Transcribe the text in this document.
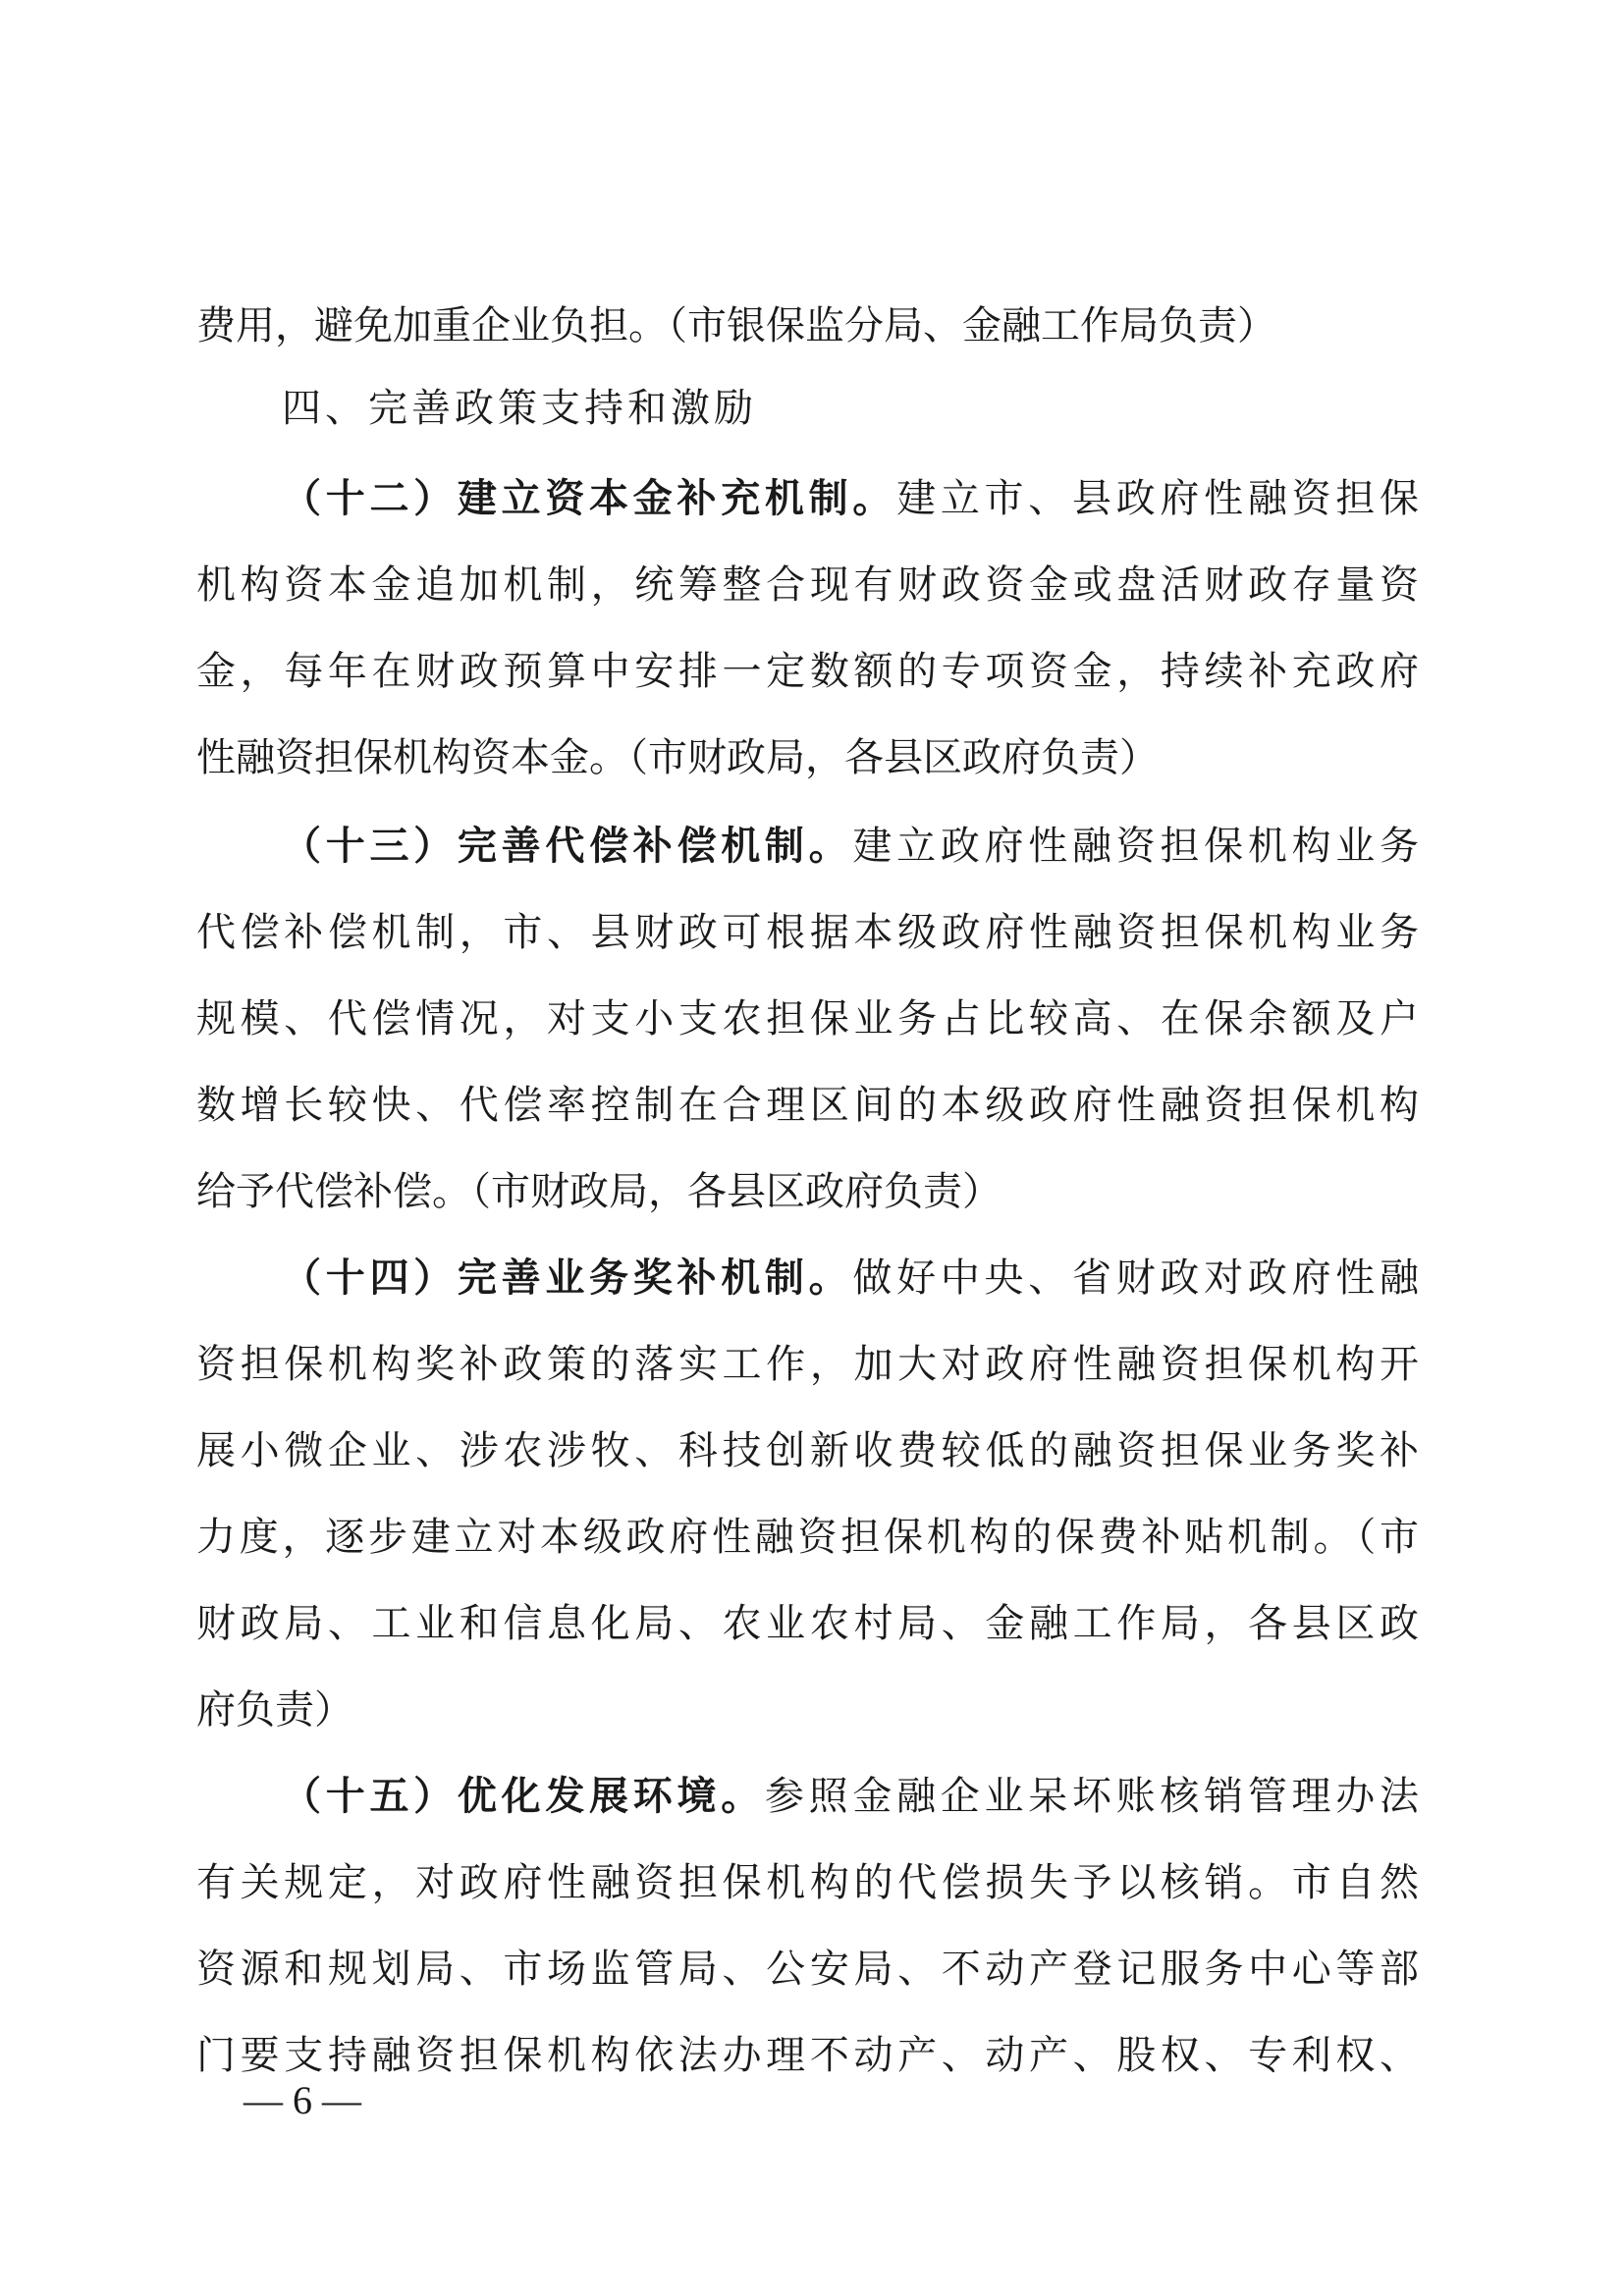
费用，避免加重企业负担。（市银保监分局、金融工作局负责）
四、完善政策支持和激励
（十二）建立资本金补充机制。建立市、县政府性融资担保
机构资本金追加机制，统筹整合现有财政资金或盘活财政存量资
金，每年在财政预算中安排一定数额的专项资金，持续补充政府
性融资担保机构资本金。（市财政局，各县区政府负责）
（十三）完善代偿补偿机制。建立政府性融资担保机构业务
代偿补偿机制，市、县财政可根据本级政府性融资担保机构业务
规模、代偿情况，对支小支农担保业务占比较高、在保余额及户
数增长较快、代偿率控制在合理区间的本级政府性融资担保机构
给予代偿补偿。（市财政局，各县区政府负责）
（十四）完善业务奖补机制。做好中央、省财政对政府性融
资担保机构奖补政策的落实工作，加大对政府性融资担保机构开
展小微企业、涉农涉牧、科技创新收费较低的融资担保业务奖补
力度，逐步建立对本级政府性融资担保机构的保费补贴机制。（市
财政局、工业和信息化局、农业农村局、金融工作局，各县区政
府负责）
（十五）优化发展环境。参照金融企业呆坏账核销管理办法
有关规定，对政府性融资担保机构的代偿损失予以核销。市自然
资源和规划局、市场监管局、公安局、不动产登记服务中心等部
门要支持融资担保机构依法办理不动产、动产、股权、专利权、
— 6 —
